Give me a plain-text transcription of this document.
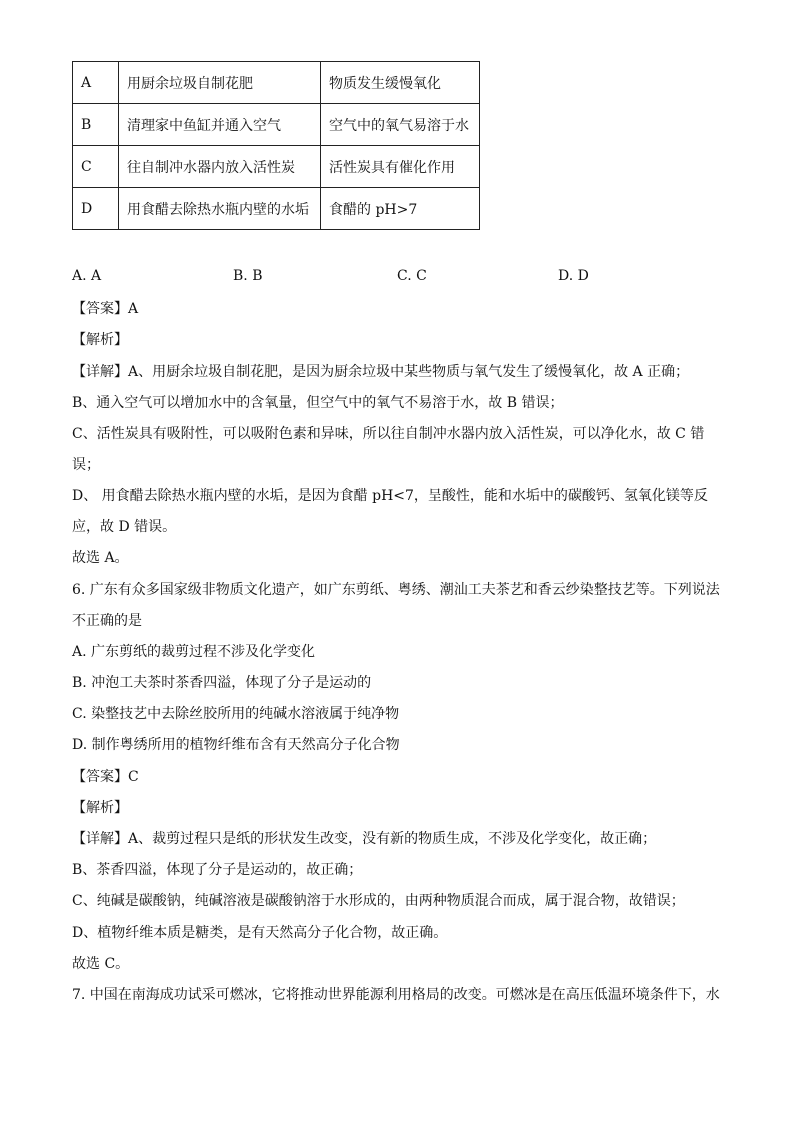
A	用厨余垃圾自制花肥	物质发生缓慢氧化
B	清理家中鱼缸并通入空气	空气中的氧气易溶于水
C	往自制冲水器内放入活性炭	活性炭具有催化作用
D	用食醋去除热水瓶内壁的水垢	食醋的 pH>7
A. A	B. B	C. C	D. D
【答案】A
【解析】
【详解】A、用厨余垃圾自制花肥，是因为厨余垃圾中某些物质与氧气发生了缓慢氧化，故 A 正确；
B、通入空气可以增加水中的含氧量，但空气中的氧气不易溶于水，故 B 错误；
C、活性炭具有吸附性，可以吸附色素和异味，所以往自制冲水器内放入活性炭，可以净化水，故 C 错
误；
D、 用食醋去除热水瓶内壁的水垢，是因为食醋 pH<7，呈酸性，能和水垢中的碳酸钙、氢氧化镁等反
应，故 D 错误。
故选 A。
6. 广东有众多国家级非物质文化遗产，如广东剪纸、粤绣、潮汕工夫茶艺和香云纱染整技艺等。下列说法
不正确的是
A. 广东剪纸的裁剪过程不涉及化学变化
B. 冲泡工夫茶时茶香四溢，体现了分子是运动的
C. 染整技艺中去除丝胶所用的纯碱水溶液属于纯净物
D. 制作粤绣所用的植物纤维布含有天然高分子化合物
【答案】C
【解析】
【详解】A、裁剪过程只是纸的形状发生改变，没有新的物质生成，不涉及化学变化，故正确；
B、茶香四溢，体现了分子是运动的，故正确；
C、纯碱是碳酸钠，纯碱溶液是碳酸钠溶于水形成的，由两种物质混合而成，属于混合物，故错误；
D、植物纤维本质是糖类，是有天然高分子化合物，故正确。
故选 C。
7. 中国在南海成功试采可燃冰，它将推动世界能源利用格局的改变。可燃冰是在高压低温环境条件下，水
